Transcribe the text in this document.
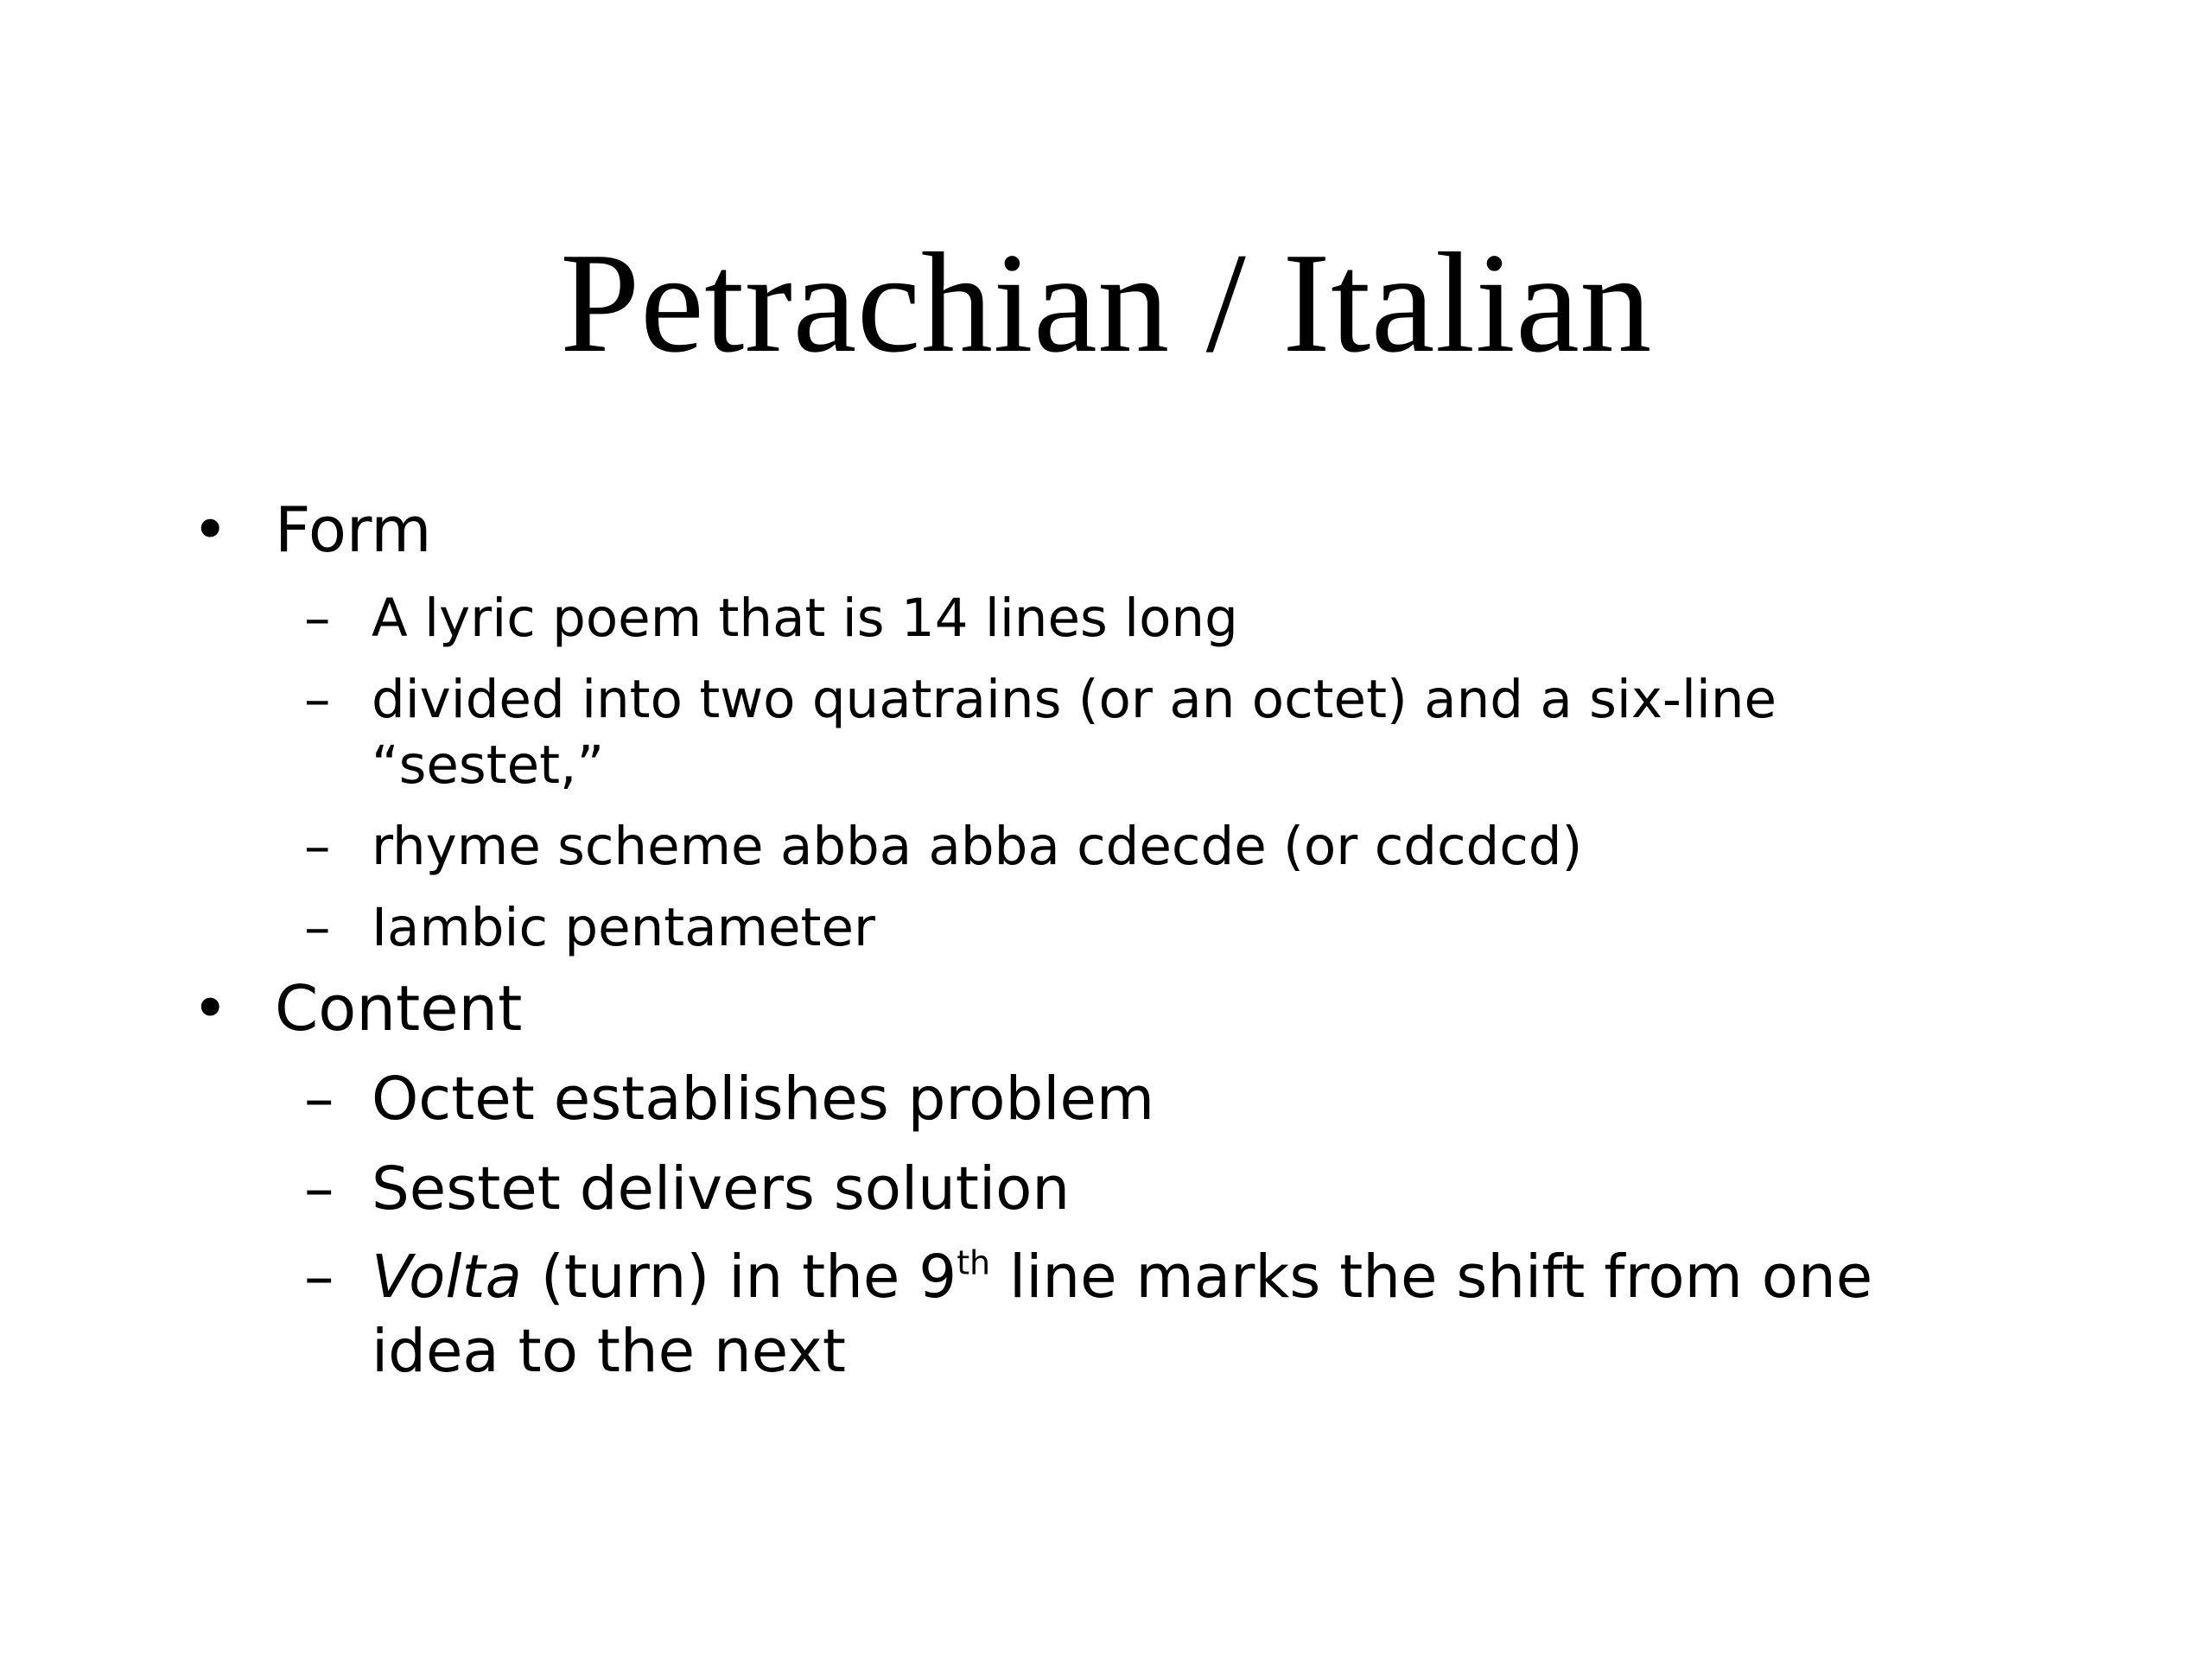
Petrachian / Italian
• Form
– A lyric poem that is 14 lines long
– divided into two quatrains (or an octet) and a six-line
“sestet,”
– rhyme scheme abba abba cdecde (or cdcdcd)
– Iambic pentameter
• Content
– Octet establishes problem
– Sestet delivers solution
– Volta (turn) in the 9th line marks the shift from one
idea to the next
